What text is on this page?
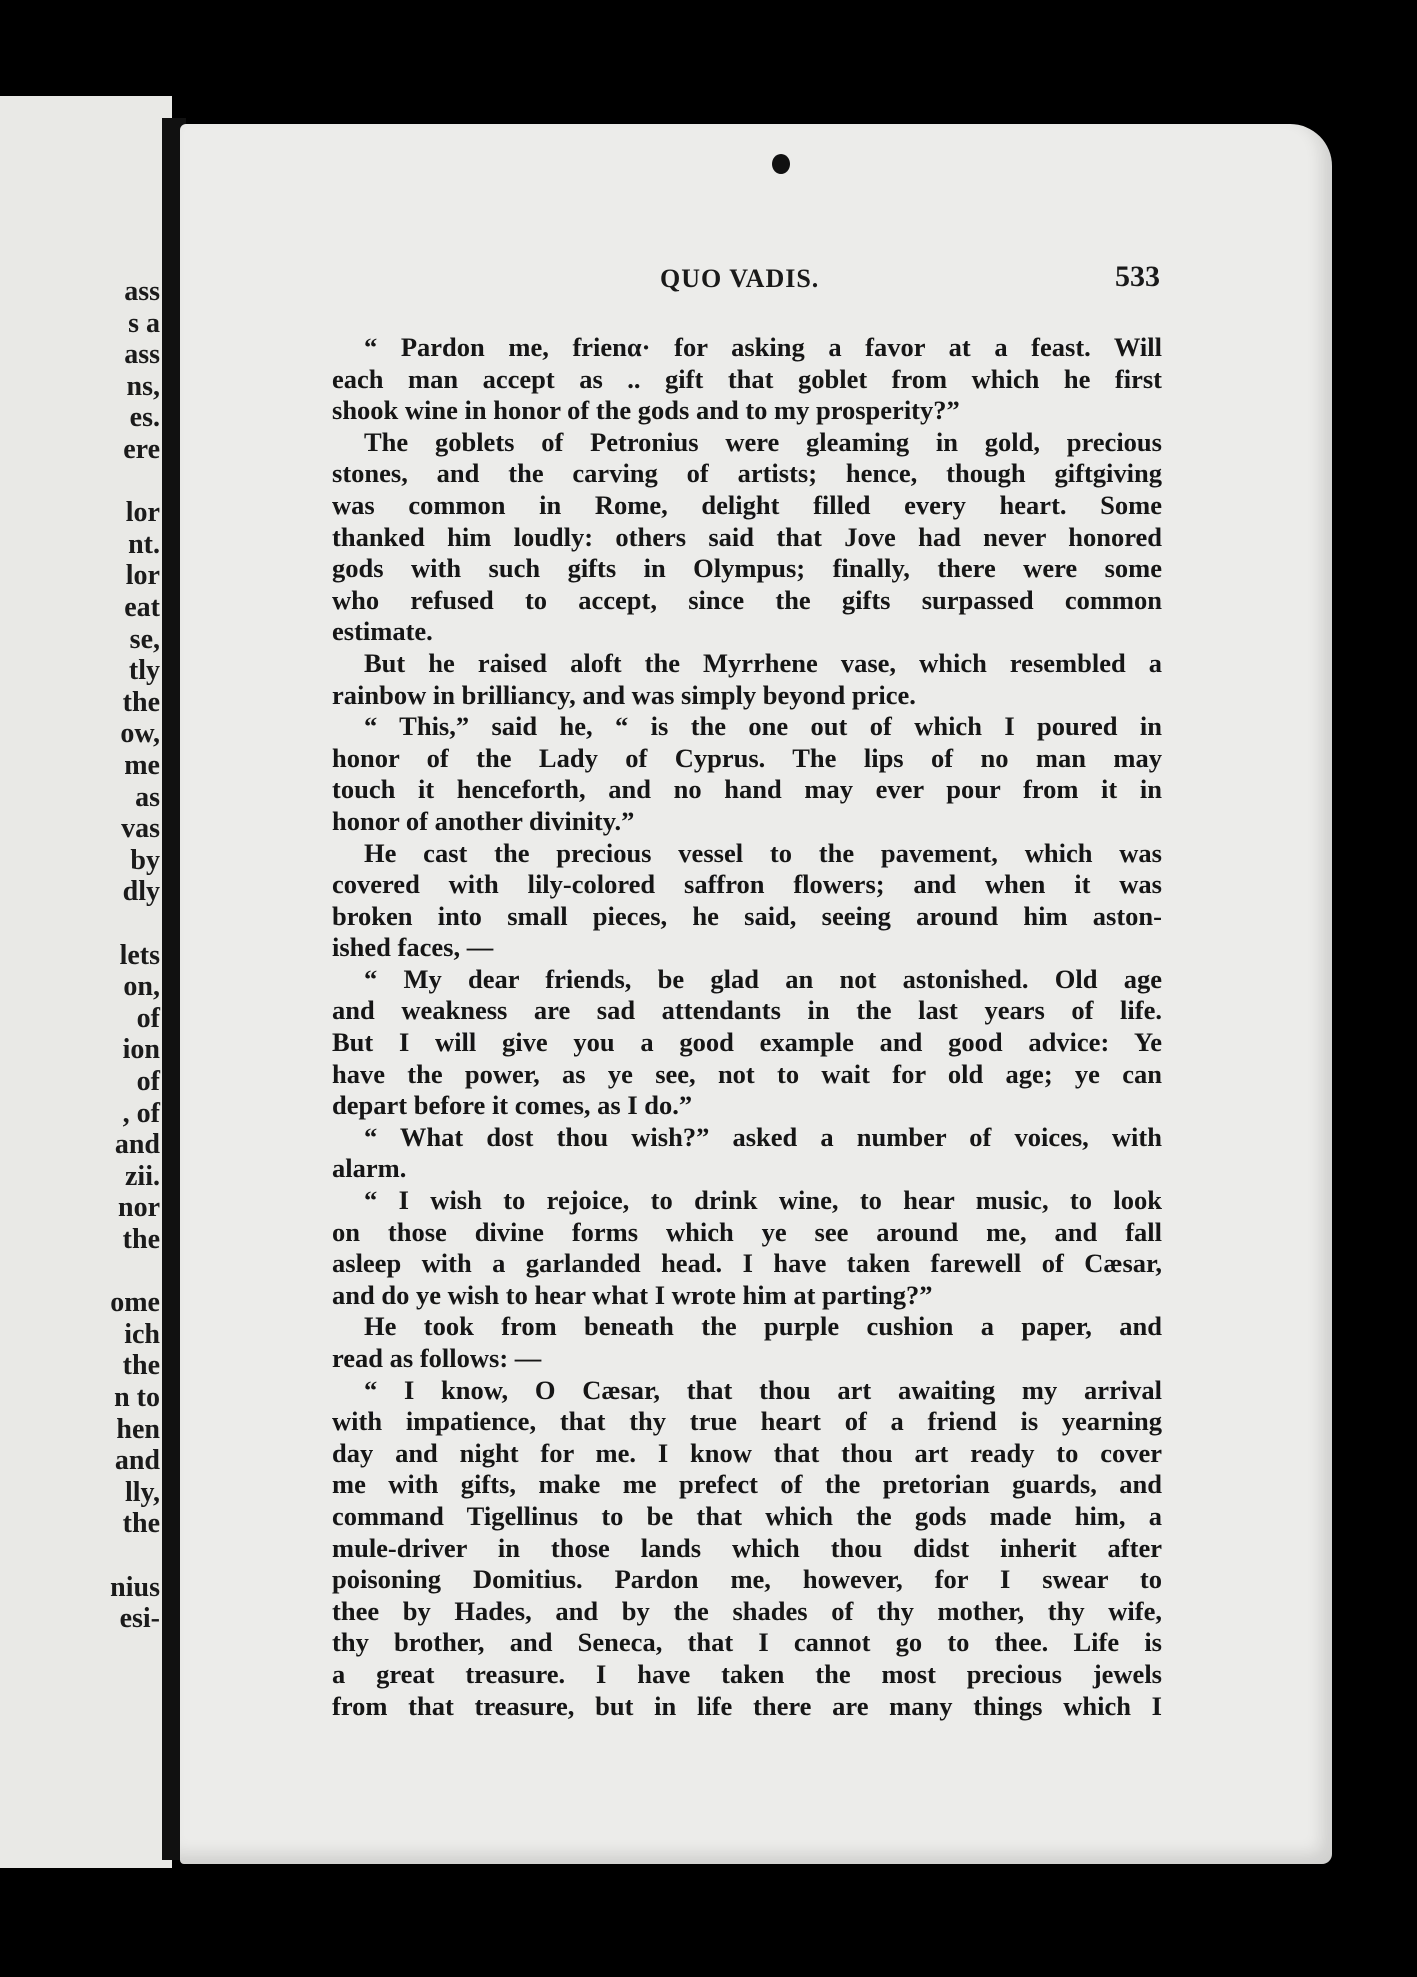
ass
s a
ass
ns,
es.
ere
lor
nt.
lor
eat
se,
tly
the
ow,
me
as
vas
by
dly
lets
on,
of
ion
of
, of
and
zii.
nor
the
ome
ich
the
n to
hen
and
lly,
the
nius
esi-
QUO VADIS.	533
“ Pardon me, frienα· for asking a favor at a feast. Will
each man accept as .. gift that goblet from which he first
shook wine in honor of the gods and to my prosperity?”
The goblets of Petronius were gleaming in gold, precious
stones, and the carving of artists; hence, though giftgiving
was common in Rome, delight filled every heart. Some
thanked him loudly: others said that Jove had never honored
gods with such gifts in Olympus; finally, there were some
who refused to accept, since the gifts surpassed common
estimate.
But he raised aloft the Myrrhene vase, which resembled a
rainbow in brilliancy, and was simply beyond price.
“ This,” said he, “ is the one out of which I poured in
honor of the Lady of Cyprus. The lips of no man may
touch it henceforth, and no hand may ever pour from it in
honor of another divinity.”
He cast the precious vessel to the pavement, which was
covered with lily-colored saffron flowers; and when it was
broken into small pieces, he said, seeing around him aston-
ished faces, —
“ My dear friends, be glad an not astonished. Old age
and weakness are sad attendants in the last years of life.
But I will give you a good example and good advice: Ye
have the power, as ye see, not to wait for old age; ye can
depart before it comes, as I do.”
“ What dost thou wish?” asked a number of voices, with
alarm.
“ I wish to rejoice, to drink wine, to hear music, to look
on those divine forms which ye see around me, and fall
asleep with a garlanded head. I have taken farewell of Cæsar,
and do ye wish to hear what I wrote him at parting?”
He took from beneath the purple cushion a paper, and
read as follows: —
“ I know, O Cæsar, that thou art awaiting my arrival
with impatience, that thy true heart of a friend is yearning
day and night for me. I know that thou art ready to cover
me with gifts, make me prefect of the pretorian guards, and
command Tigellinus to be that which the gods made him, a
mule-driver in those lands which thou didst inherit after
poisoning Domitius. Pardon me, however, for I swear to
thee by Hades, and by the shades of thy mother, thy wife,
thy brother, and Seneca, that I cannot go to thee. Life is
a great treasure. I have taken the most precious jewels
from that treasure, but in life there are many things which I
